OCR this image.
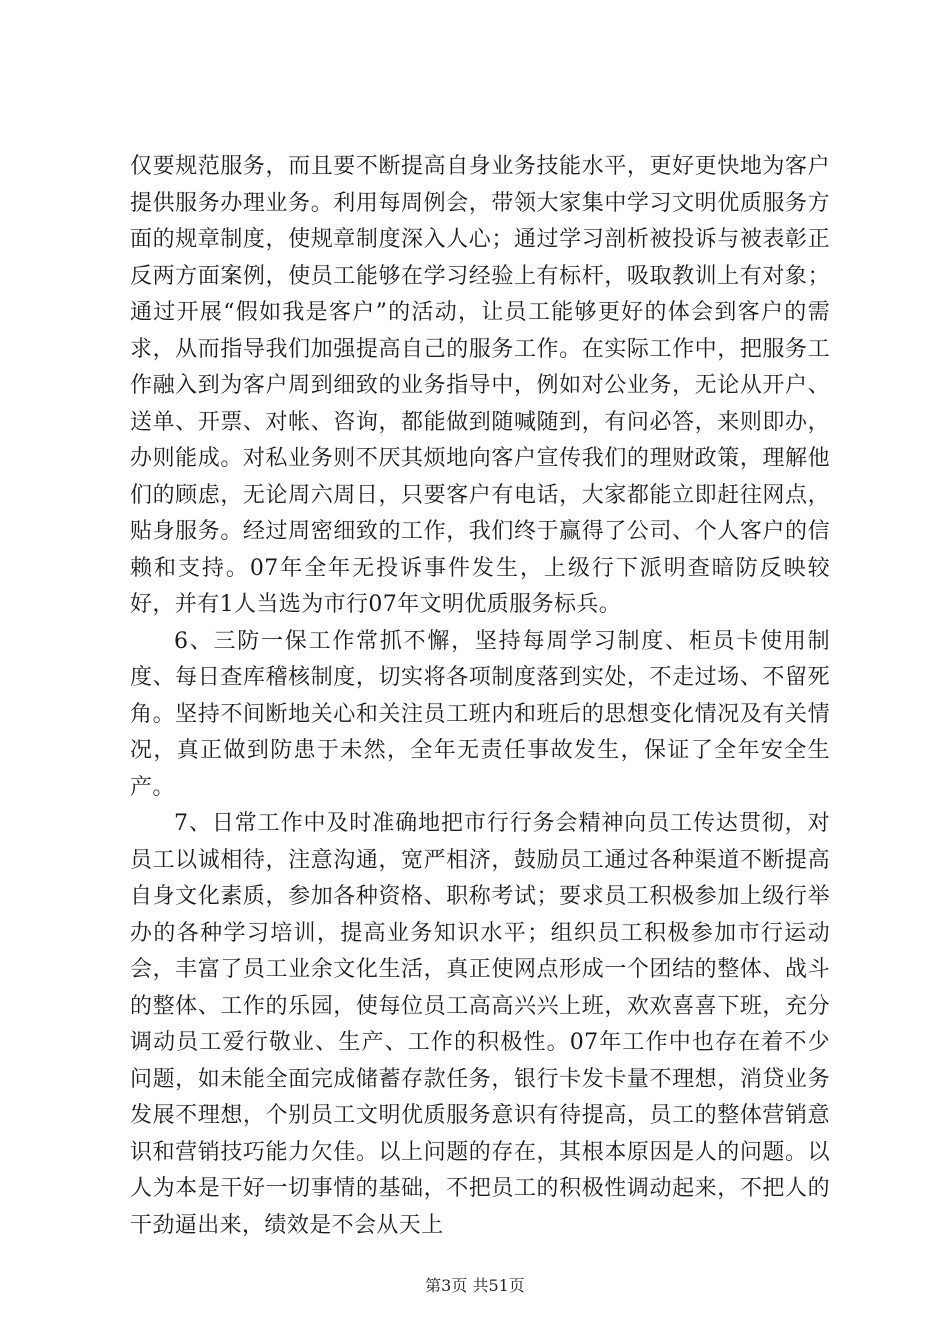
仅要规范服务，而且要不断提高自身业务技能水平，更好更快地为客户提供服务办理业务。利用每周例会，带领大家集中学习文明优质服务方面的规章制度，使规章制度深入人心；通过学习剖析被投诉与被表彰正反两方面案例，使员工能够在学习经验上有标杆，吸取教训上有对象；通过开展“假如我是客户”的活动，让员工能够更好的体会到客户的需求，从而指导我们加强提高自己的服务工作。在实际工作中，把服务工作融入到为客户周到细致的业务指导中，例如对公业务，无论从开户、送单、开票、对帐、咨询，都能做到随喊随到，有问必答，来则即办，办则能成。对私业务则不厌其烦地向客户宣传我们的理财政策，理解他们的顾虑，无论周六周日，只要客户有电话，大家都能立即赶往网点，贴身服务。经过周密细致的工作，我们终于赢得了公司、个人客户的信赖和支持。07年全年无投诉事件发生，上级行下派明查暗防反映较好，并有1人当选为市行07年文明优质服务标兵。

6、三防一保工作常抓不懈，坚持每周学习制度、柜员卡使用制度、每日查库稽核制度，切实将各项制度落到实处，不走过场、不留死角。坚持不间断地关心和关注员工班内和班后的思想变化情况及有关情况，真正做到防患于未然，全年无责任事故发生，保证了全年安全生产。

7、日常工作中及时准确地把市行行务会精神向员工传达贯彻，对员工以诚相待，注意沟通，宽严相济，鼓励员工通过各种渠道不断提高自身文化素质，参加各种资格、职称考试；要求员工积极参加上级行举办的各种学习培训，提高业务知识水平；组织员工积极参加市行运动会，丰富了员工业余文化生活，真正使网点形成一个团结的整体、战斗的整体、工作的乐园，使每位员工高高兴兴上班，欢欢喜喜下班，充分调动员工爱行敬业、生产、工作的积极性。07年工作中也存在着不少问题，如未能全面完成储蓄存款任务，银行卡发卡量不理想，消贷业务发展不理想，个别员工文明优质服务意识有待提高，员工的整体营销意识和营销技巧能力欠佳。以上问题的存在，其根本原因是人的问题。以人为本是干好一切事情的基础，不把员工的积极性调动起来，不把人的干劲逼出来，绩效是不会从天上

第3页 共51页
